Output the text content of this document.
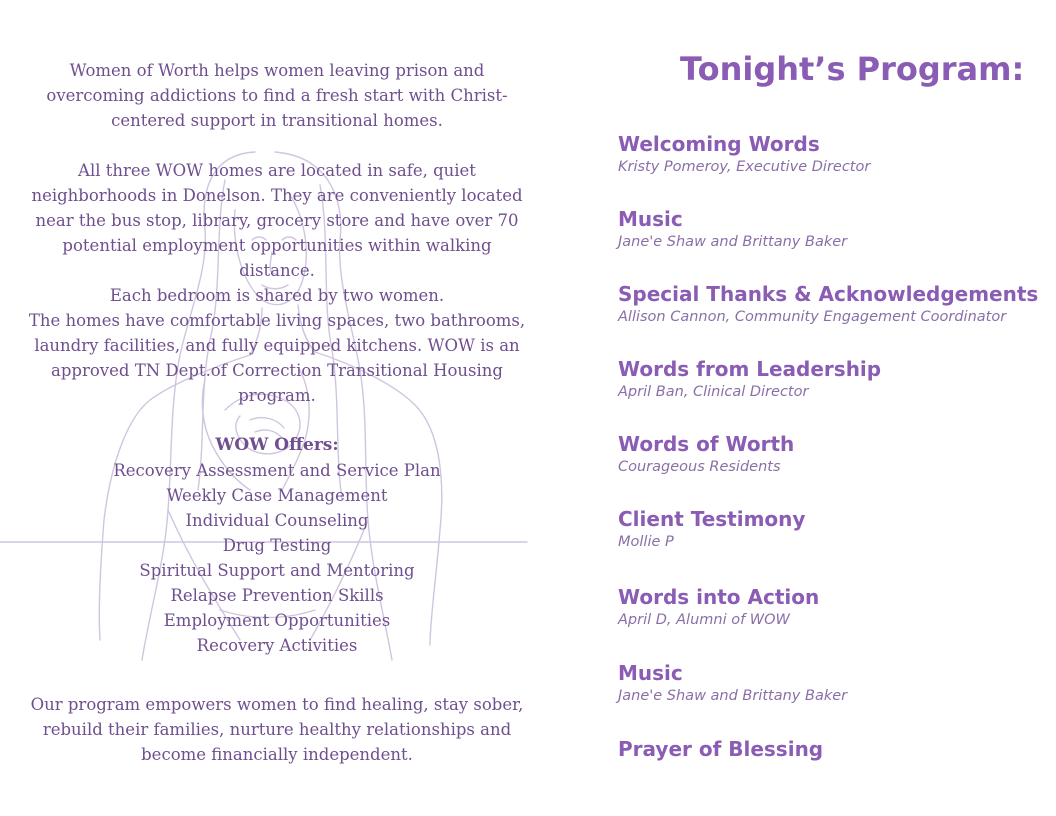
Women of Worth helps women leaving prison and overcoming addictions to find a fresh start with Christ-centered support in transitional homes.

All three WOW homes are located in safe, quiet neighborhoods in Donelson. They are conveniently located near the bus stop, library, grocery store and have over 70 potential employment opportunities within walking distance.

Each bedroom is shared by two women.

The homes have comfortable living spaces, two bathrooms, laundry facilities, and fully equipped kitchens. WOW is an approved TN Dept.of Correction Transitional Housing program.

WOW Offers:

Recovery Assessment and Service Plan
Weekly Case Management
Individual Counseling
Drug Testing
Spiritual Support and Mentoring
Relapse Prevention Skills
Employment Opportunities
Recovery Activities

Our program empowers women to find healing, stay sober, rebuild their families, nurture healthy relationships and become financially independent.

Tonight’s Program:
Welcoming Words
Kristy Pomeroy, Executive Director
Music
Jane'e Shaw and Brittany Baker
Special Thanks & Acknowledgements
Allison Cannon, Community Engagement Coordinator
Words from Leadership
April Ban, Clinical Director
Words of Worth
Courageous Residents
Client Testimony
Mollie P
Words into Action
April D, Alumni of WOW
Music
Jane'e Shaw and Brittany Baker
Prayer of Blessing
